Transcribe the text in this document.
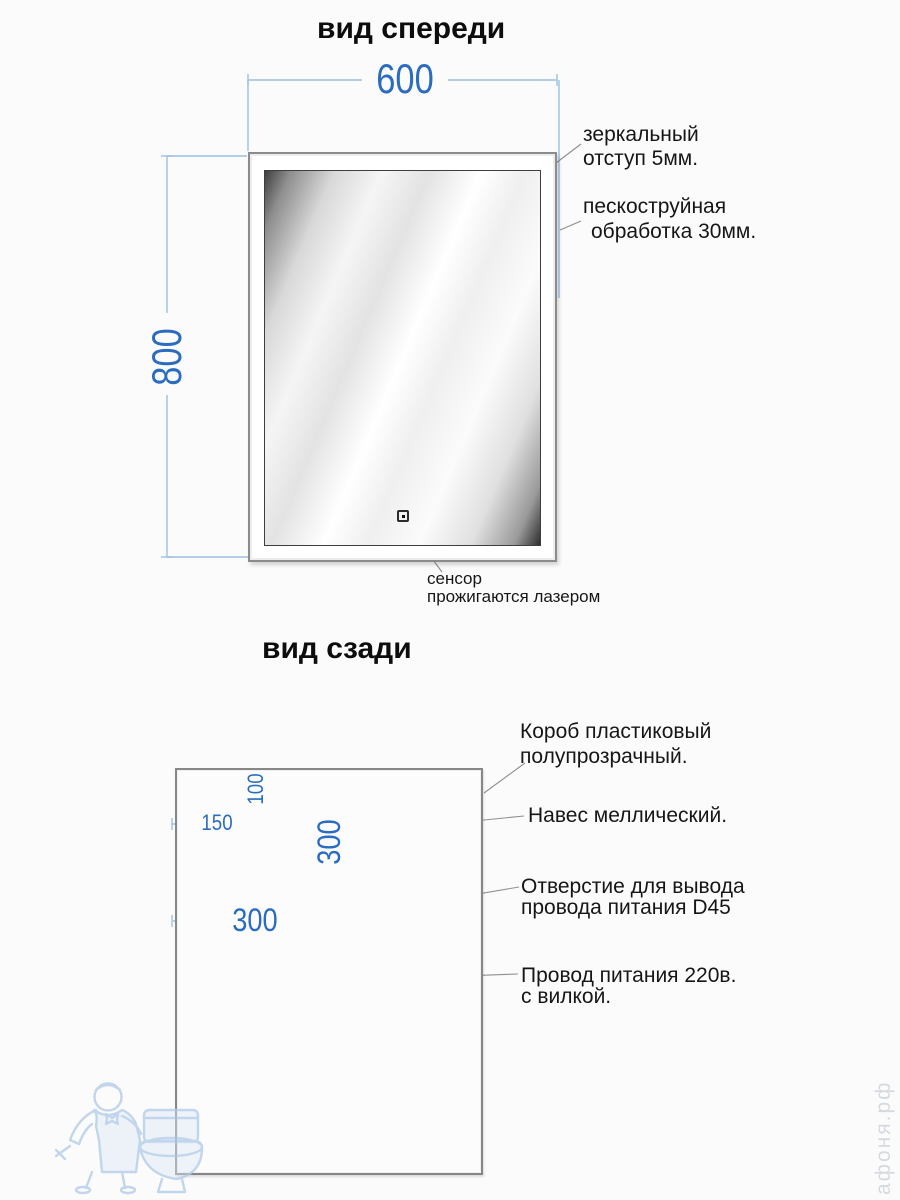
вид спереди
600
800
зеркальный
отступ 5мм.
пескоструйная
обработка 30мм.
сенсор
прожигаются лазером
вид сзади
100
150	300
300
Короб пластиковый
полупрозрачный.
Навес меллический.
Отверстие для вывода
провода питания D45
Провод питания 220в.
с вилкой.
афоня.рф
